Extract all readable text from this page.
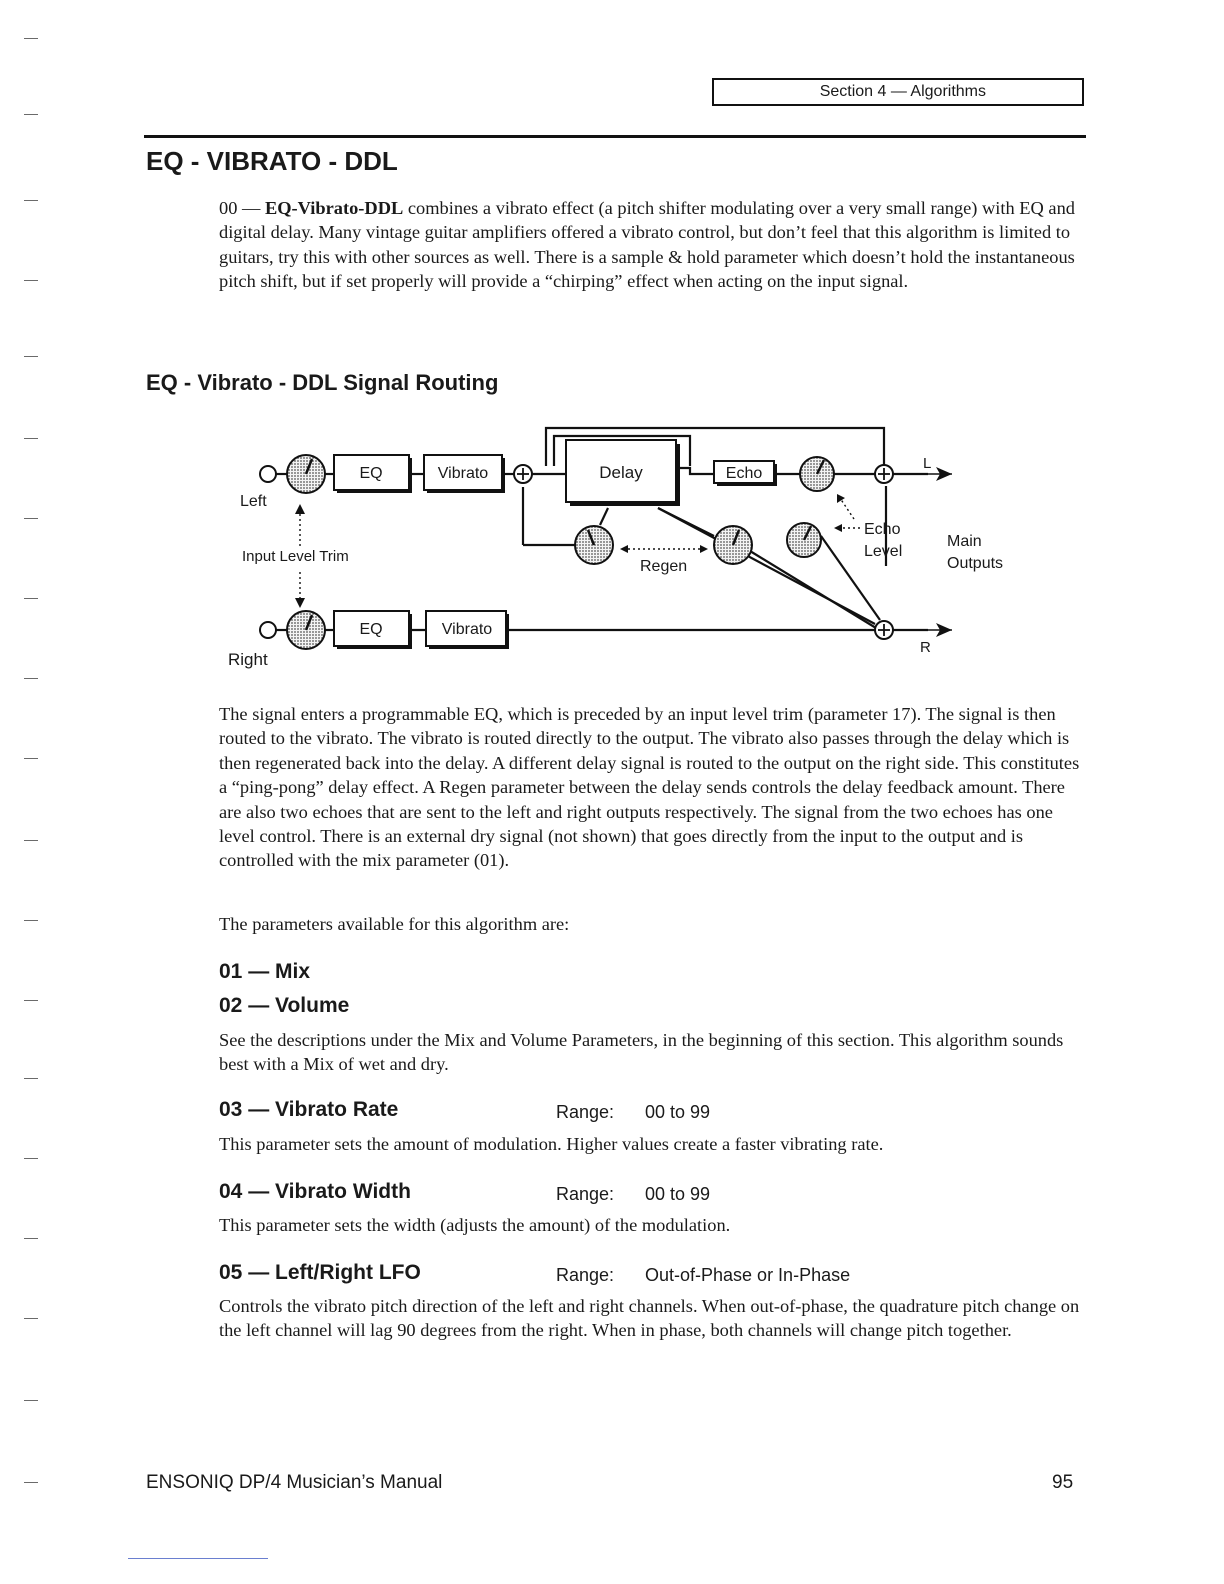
Section 4 — Algorithms
EQ - VIBRATO - DDL

00 — EQ-Vibrato-DDL combines a vibrato effect (a pitch shifter modulating over a very small range) with EQ and digital delay. Many vintage guitar amplifiers offered a vibrato control, but don’t feel that this algorithm is limited to guitars, try this with other sources as well. There is a sample & hold parameter which doesn’t hold the instantaneous pitch shift, but if set properly will provide a “chirping” effect when acting on the input signal.

EQ - Vibrato - DDL Signal Routing
Left
Right
Input Level Trim
EQ	Vibrato	Delay	Echo
EQ	Vibrato
Regen
Echo
Level
Main
Outputs
L
R

The signal enters a programmable EQ, which is preceded by an input level trim (parameter 17). The signal is then routed to the vibrato. The vibrato is routed directly to the output. The vibrato also passes through the delay which is then regenerated back into the delay. A different delay signal is routed to the output on the right side. This constitutes a “ping-pong” delay effect. A Regen parameter between the delay sends controls the delay feedback amount. There are also two echoes that are sent to the left and right outputs respectively. The signal from the two echoes has one level control. There is an external dry signal (not shown) that goes directly from the input to the output and is controlled with the mix parameter (01).

The parameters available for this algorithm are:

01 — Mix
02 — Volume

See the descriptions under the Mix and Volume Parameters, in the beginning of this section. This algorithm sounds best with a Mix of wet and dry.

03 — Vibrato Rate	Range: 00 to 99

This parameter sets the amount of modulation. Higher values create a faster vibrating rate.

04 — Vibrato Width	Range: 00 to 99

This parameter sets the width (adjusts the amount) of the modulation.

05 — Left/Right LFO	Range: Out-of-Phase or In-Phase

Controls the vibrato pitch direction of the left and right channels. When out-of-phase, the quadrature pitch change on the left channel will lag 90 degrees from the right. When in phase, both channels will change pitch together.

ENSONIQ DP/4 Musician’s Manual	95
